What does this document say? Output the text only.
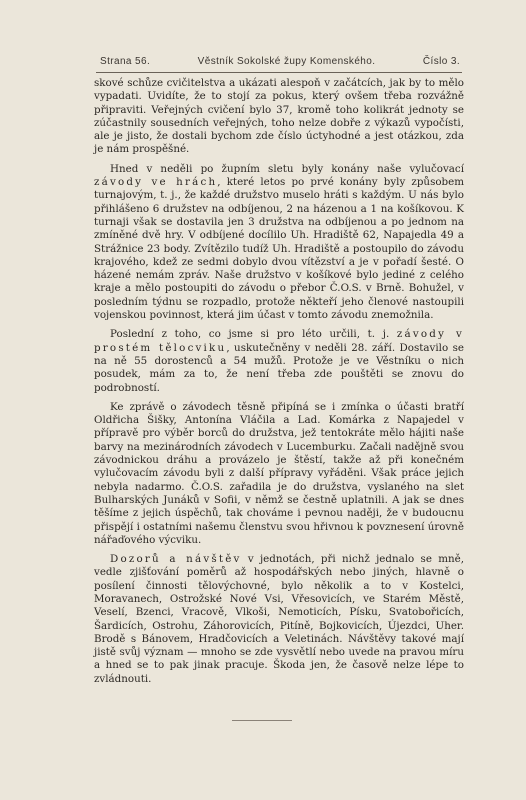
Strana 56.	Věstník Sokolské župy Komenského.	Číslo 3.

skové schůze cvičitelstva a ukázati alespoň v začátcích, jak by to mělo vypadati. Uvidíte, že to stojí za pokus, který ovšem třeba rozvážně připraviti. Veřejných cvičení bylo 37, kromě toho kolikrát jednoty se zúčastnily sousedních veřejných, toho nelze dobře z výkazů vypočísti, ale je jisto, že dostali bychom zde číslo úctyhodné a jest otázkou, zda je nám prospěšné.

Hned v neděli po župním sletu byly konány naše vylučovací závody ve hrách, které letos po prvé konány byly způsobem turnajovým, t. j., že každé družstvo muselo hráti s každým. U nás bylo přihlášeno 6 družstev na odbíjenou, 2 na házenou a 1 na košíkovou. K turnaji však se dostavila jen 3 družstva na odbíjenou a po jednom na zmíněné dvě hry. V odbíjené docílilo Uh. Hradiště 62, Napajedla 49 a Strážnice 23 body. Zvítězilo tudíž Uh. Hradiště a postoupilo do závodu krajového, kdež ze sedmi dobylo dvou vítězství a je v pořadí šesté. O házené nemám zpráv. Naše družstvo v košíkové bylo jediné z celého kraje a mělo postoupiti do závodu o přebor Č.O.S. v Brně. Bohužel, v posledním týdnu se rozpadlo, protože někteří jeho členové nastoupili vojenskou povinnost, která jim účast v tomto závodu znemožnila.

Poslední z toho, co jsme si pro léto určili, t. j. závody v prostém tělocviku, uskutečněny v neděli 28. září. Dostavilo se na ně 55 dorostenců a 54 mužů. Protože je ve Věstníku o nich posudek, mám za to, že není třeba zde pouštěti se znovu do podrobností.

Ke zprávě o závodech těsně připíná se i zmínka o účasti bratří Oldřicha Šišky, Antonína Vláčila a Lad. Komárka z Napajedel v přípravě pro výběr borců do družstva, jež tentokráte mělo hájiti naše barvy na mezinárodních závodech v Lucemburku. Začali nadějně svou závodnickou dráhu a provázelo je štěstí, takže až při konečném vylučovacím závodu byli z další přípravy vyřáděni. Však práce jejich nebyla nadarmo. Č.O.S. zařadila je do družstva, vyslaného na slet Bulharských Junáků v Sofii, v němž se čestně uplatnili. A jak se dnes těšíme z jejich úspěchů, tak chováme i pevnou naději, že v budoucnu přispějí i ostatními našemu členstvu svou hřivnou k povznesení úrovně nářaďového výcviku.

Dozorů a návštěv v jednotách, při nichž jednalo se mně, vedle zjišťování poměrů až hospodářských nebo jiných, hlavně o posílení činnosti tělovýchovné, bylo několik a to v Kostelci, Moravanech, Ostrožské Nové Vsi, Vřesovicích, ve Starém Městě, Veselí, Bzenci, Vracově, Vlkoši, Nemoticích, Písku, Svatobořicích, Šardicích, Ostrohu, Záhorovicích, Pitíně, Bojkovicích, Újezdci, Uher. Brodě s Bánovem, Hradčovicích a Veletinách. Návštěvy takové mají jistě svůj význam — mnoho se zde vysvětlí nebo uvede na pravou míru a hned se to pak jinak pracuje. Škoda jen, že časově nelze lépe to zvládnouti.
